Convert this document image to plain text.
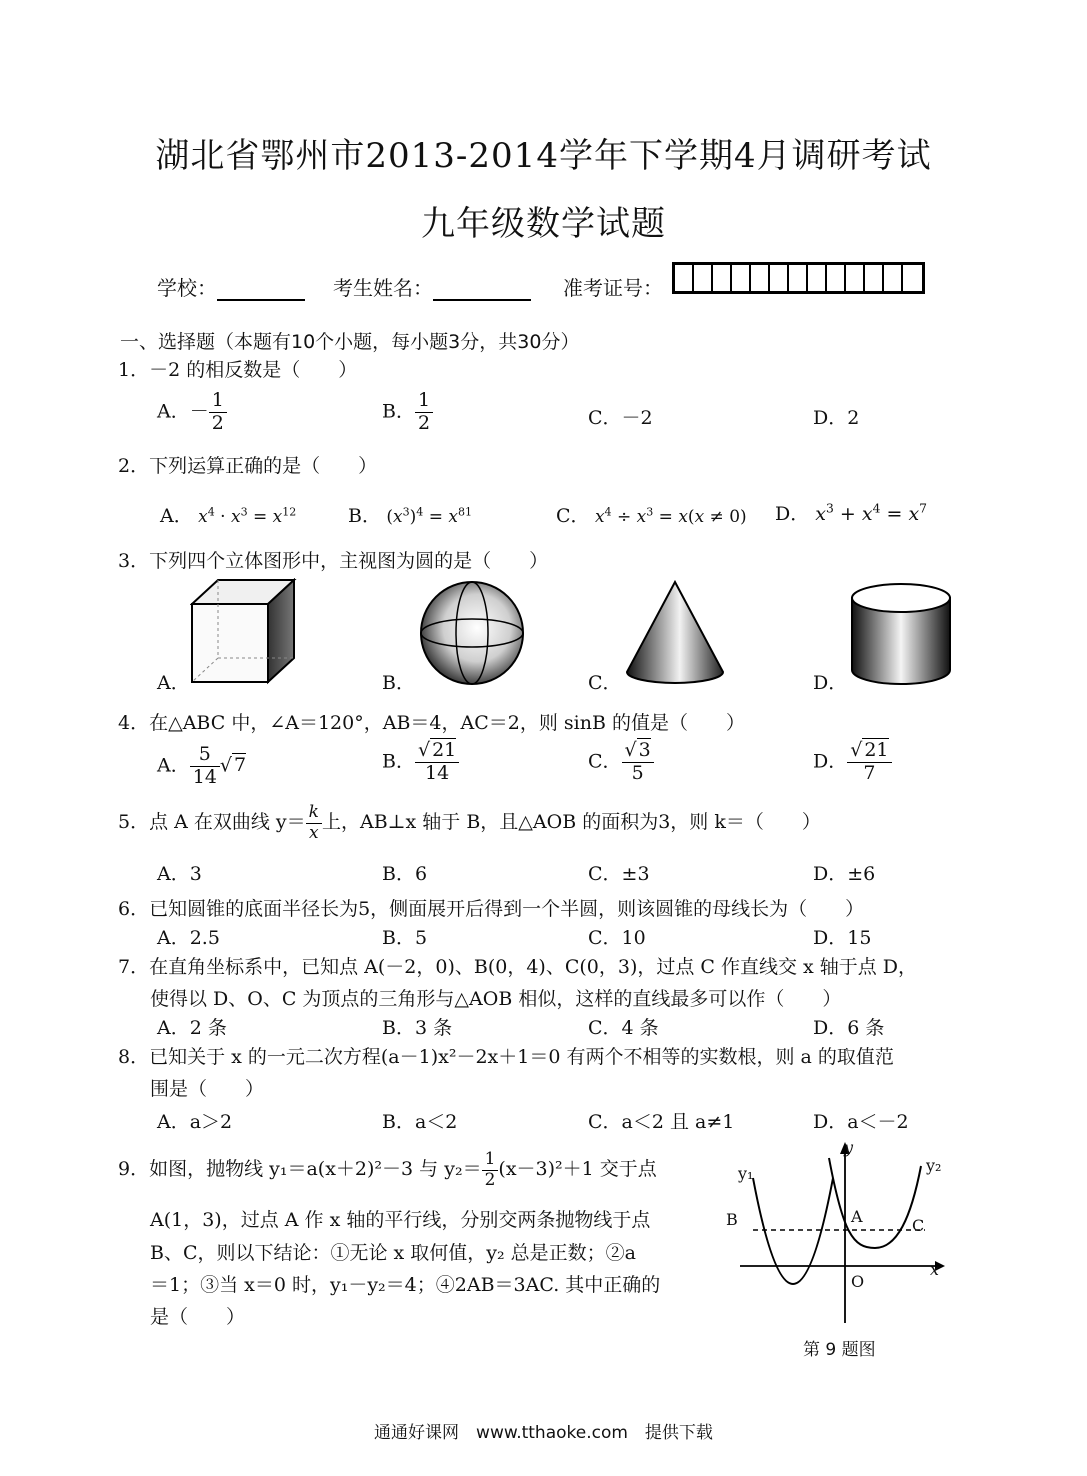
湖北省鄂州市2013-2014学年下学期4月调研考试
九年级数学试题
学校：	考生姓名：	准考证号：
一、选择题（本题有10个小题，每小题3分，共30分）
1．－2 的相反数是（　　）
A．－ $\frac{1}{2}$	B． $\frac{1}{2}$	C．－2	D．2
2．下列运算正确的是（　　）
A． $x^4 \cdot x^3 = x^{12}$	B． $(x^3)^4 = x^{81}$	C． $x^4 \div x^3 = x(x \ne 0)$ D． $x^3 + x^4 = x^7$
3．下列四个立体图形中，主视图为圆的是（　　）
A．	B．	C．	D．
4．在△ABC 中，∠A＝120°，AB＝4，AC＝2，则 sinB 的值是（　　）
A． $\frac{5}{14}$ √ 7	B． $\frac{√ 21}{14}$	C． $\frac{√ 3}{5}$	D． $\frac{√ 21}{7}$
5．点 A 在双曲线 $y= \frac{k}{x}$ 上，AB⊥x 轴于 B，且△AOB 的面积为3，则 k＝（　　）
A．3	B．6	C．±3	D．±6
6．已知圆锥的底面半径长为5，侧面展开后得到一个半圆，则该圆锥的母线长为（　　）
A．2.5	B．5	C．10	D．15
7．在直角坐标系中，已知点 A(－2，0)、B(0，4)、C(0，3)，过点 C 作直线交 x 轴于点 D，
使得以 D、O、C 为顶点的三角形与△AOB 相似，这样的直线最多可以作（　　）
A．2 条	B．3 条	C．4 条	D．6 条
8．已知关于 x 的一元二次方程(a－1)x²－2x＋1＝0 有两个不相等的实数根，则 a 的取值范
围是（　　）
A．a＞2	B．a＜2	C．a＜2 且 a≠1	D．a＜－2
9．如图，抛物线 y₁＝a(x＋2)²－3 与 $y_2= \frac{1}{2} (x-3)^2+1$ 交于点
A(1，3)，过点 A 作 x 轴的平行线，分别交两条抛物线于点
B、C，则以下结论：①无论 x 取何值，y₂ 总是正数；②a
＝1；③当 x＝0 时，y₁－y₂＝4；④2AB＝3AC. 其中正确的
是（　　）
y₁	y₂
y
x
O
A
B	C
第 9 题图
通通好课网　www.tthaoke.com　提供下载
